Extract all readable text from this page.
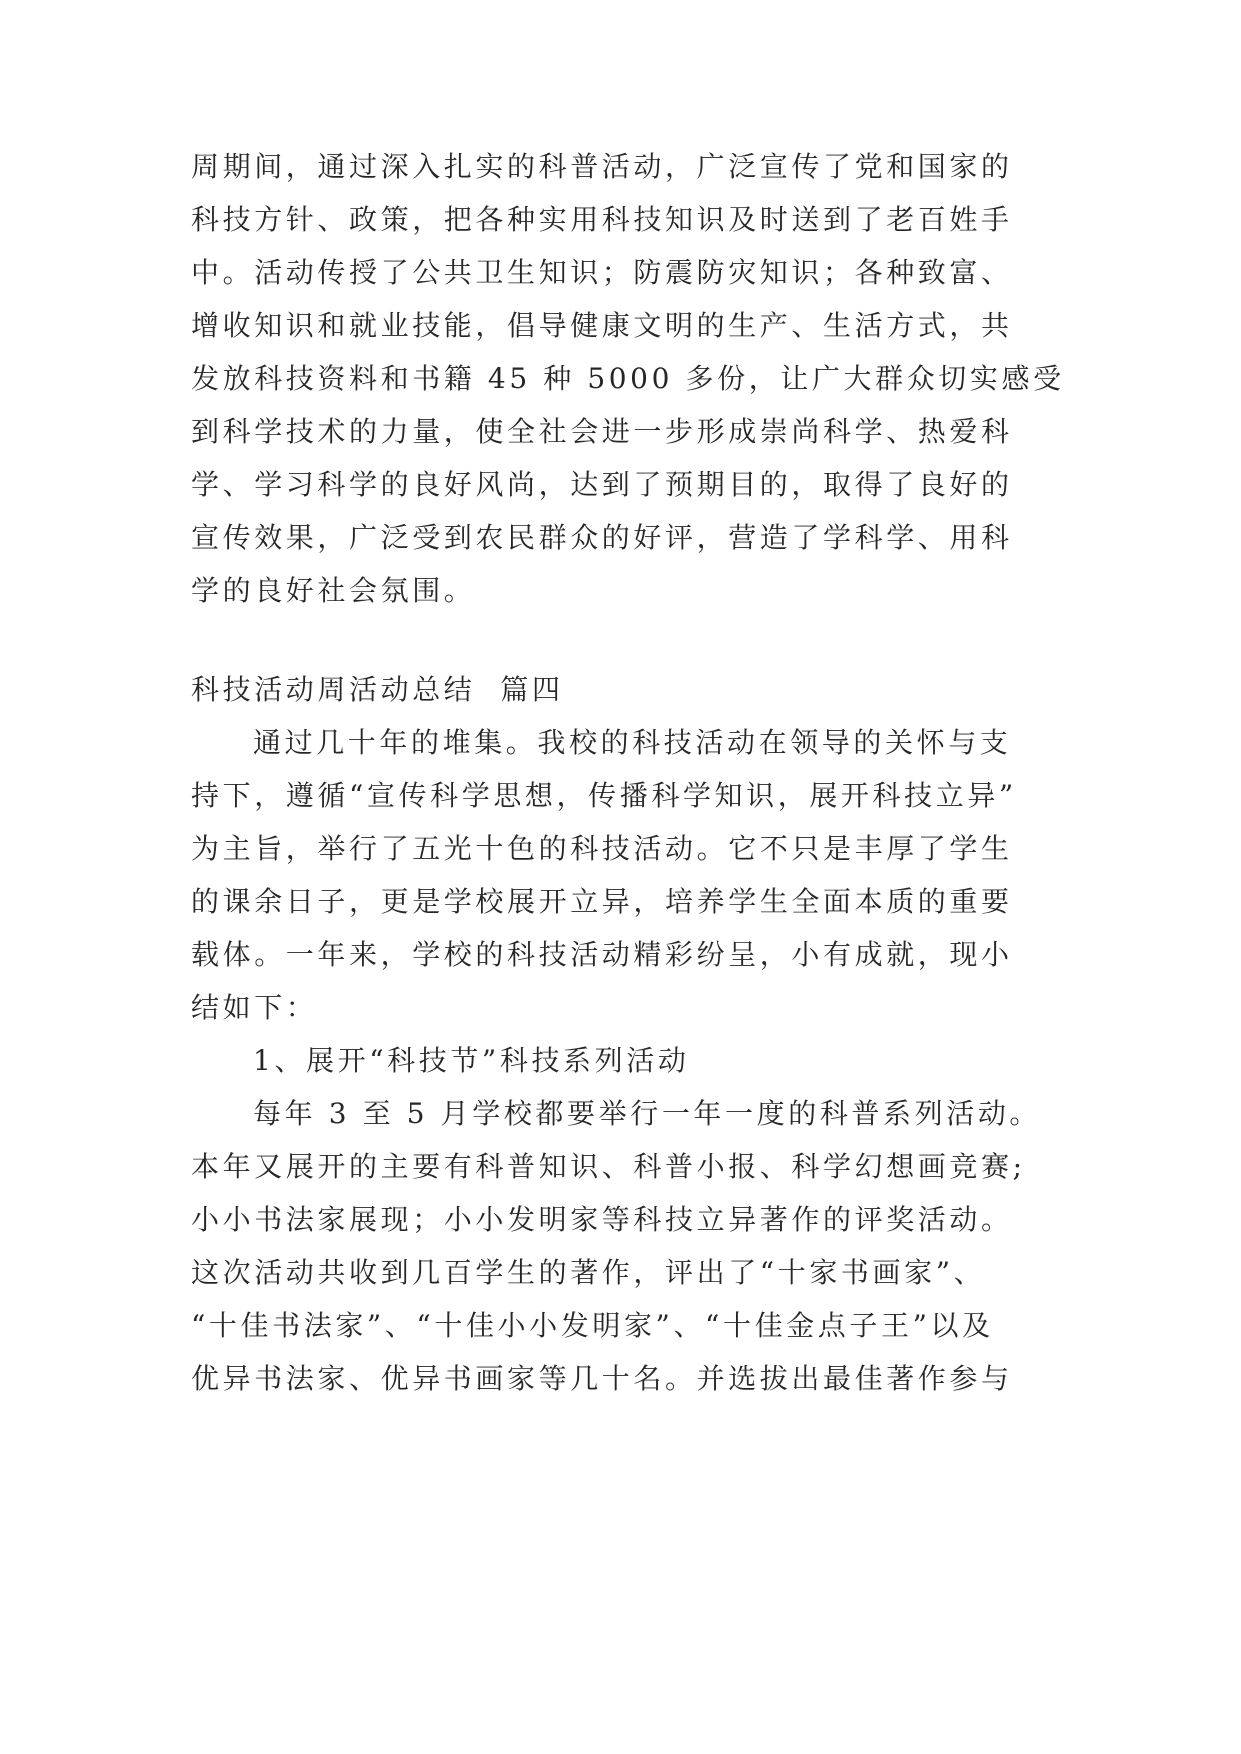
周期间，通过深入扎实的科普活动，广泛宣传了党和国家的
科技方针、政策，把各种实用科技知识及时送到了老百姓手
中。活动传授了公共卫生知识；防震防灾知识；各种致富、
增收知识和就业技能，倡导健康文明的生产、生活方式，共
发放科技资料和书籍 45 种 5000 多份，让广大群众切实感受
到科学技术的力量，使全社会进一步形成崇尚科学、热爱科
学、学习科学的良好风尚，达到了预期目的，取得了良好的
宣传效果，广泛受到农民群众的好评，营造了学科学、用科
学的良好社会氛围。
科技活动周活动总结  篇四
通过几十年的堆集。我校的科技活动在领导的关怀与支
持下，遵循“宣传科学思想，传播科学知识，展开科技立异”
为主旨，举行了五光十色的科技活动。它不只是丰厚了学生
的课余日子，更是学校展开立异，培养学生全面本质的重要
载体。一年来，学校的科技活动精彩纷呈，小有成就，现小
结如下：
1、展开“科技节”科技系列活动
每年 3 至 5 月学校都要举行一年一度的科普系列活动。
本年又展开的主要有科普知识、科普小报、科学幻想画竞赛;
小小书法家展现；小小发明家等科技立异著作的评奖活动。
这次活动共收到几百学生的著作，评出了“十家书画家”、
“十佳书法家”、“十佳小小发明家”、“十佳金点子王”以及
优异书法家、优异书画家等几十名。并选拔出最佳著作参与
